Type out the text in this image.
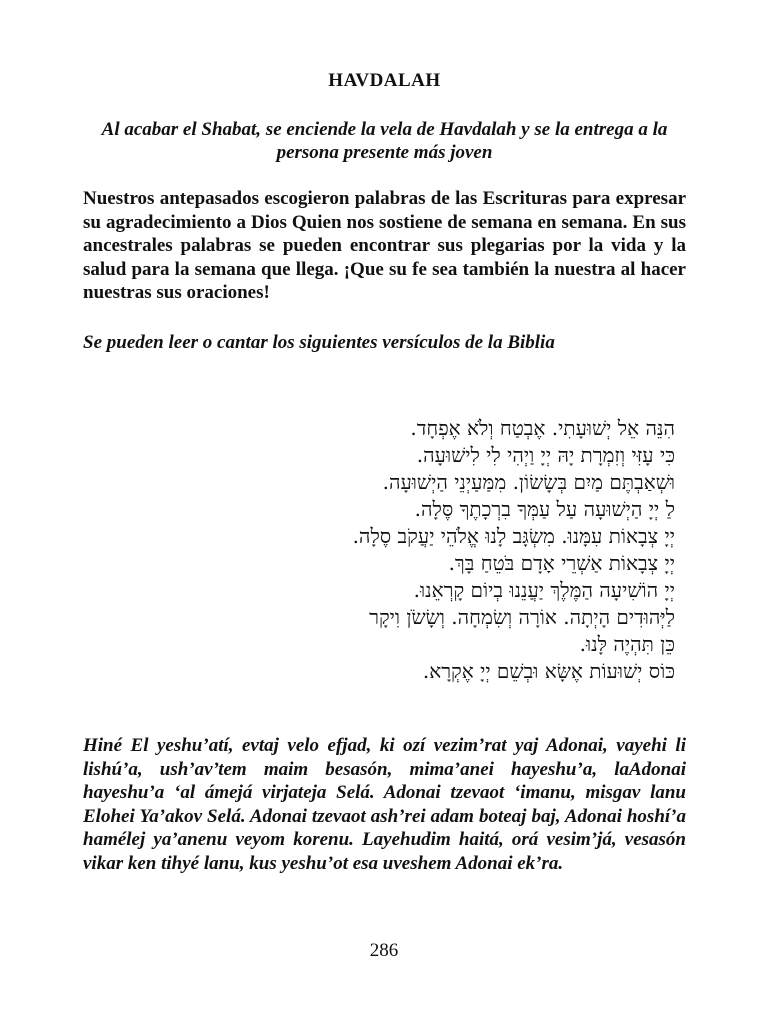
HAVDALAH

Al acabar el Shabat, se enciende la vela de Havdalah y se la entrega a la persona presente más joven

Nuestros antepasados escogieron palabras de las Escrituras para expresar su agradecimiento a Dios Quien nos sostiene de semana en semana. En sus ancestrales palabras se pueden encontrar sus plegarias por la vida y la salud para la semana que llega. ¡Que su fe sea también la nuestra al hacer nuestras sus oraciones!

Se pueden leer o cantar los siguientes versículos de la Biblia

הִנֵּה אֵל יְשׁוּעָתִי. אֶבְטַח וְלֹא אֶפְחָד.
כִּי עָזִּי וְזִמְרָת יָהּ יְיָ וַיְהִי לִי לִישׁוּעָה.
וּשְׁאַבְתֶּם מַיִם בְּשָׂשׂוֹן. מִמַּעַיְנֵי הַיְשׁוּעָה.
לַ יְיָ הַיְשׁוּעָה עַל עַמְּךָ בִרְכָתֶךָ סֶּלָה.
יְיָ צְבָאוֹת עִמָּנוּ. מִשְׂגָּב לָנוּ אֱלֹהֵי יַעֲקֹב סֶלָה.
יְיָ צְבָאוֹת אַשְׁרֵי אָדָם בֹּטֵחַ בָּךְ.
יְיָ הוֹשִׁיעָה הַמֶּלֶךְ יַעֲנֵנוּ בְיוֹם קָרְאֵנוּ.
לַיְּהוּדִים הָיְתָה. אוֹרָה וְשִׂמְחָה. וְשָׂשֹׂן וִיקָר
כֵּן תִּהְיֶה לָּנוּ.
כּוֹס יְשׁוּעוֹת אֶשָּׂא וּבְשֵׁם יְיָ אֶקְרָא.

Hiné El yeshu’atí, evtaj velo efjad, ki ozí vezim’rat yaj Adonai, vayehi li lishú’a, ush’av’tem maim besasón, mima’anei hayeshu’a, laAdonai hayeshu’a ‘al ámejá virjateja Selá. Adonai tzevaot ‘imanu, misgav lanu Elohei Ya’akov Selá. Adonai tzevaot ash’rei adam boteaj baj, Adonai hoshí’a hamélej ya’anenu veyom korenu. Layehudim haitá, orá vesim’já, vesasón vikar ken tihyé lanu, kus yeshu’ot esa uveshem Adonai ek’ra.

286
